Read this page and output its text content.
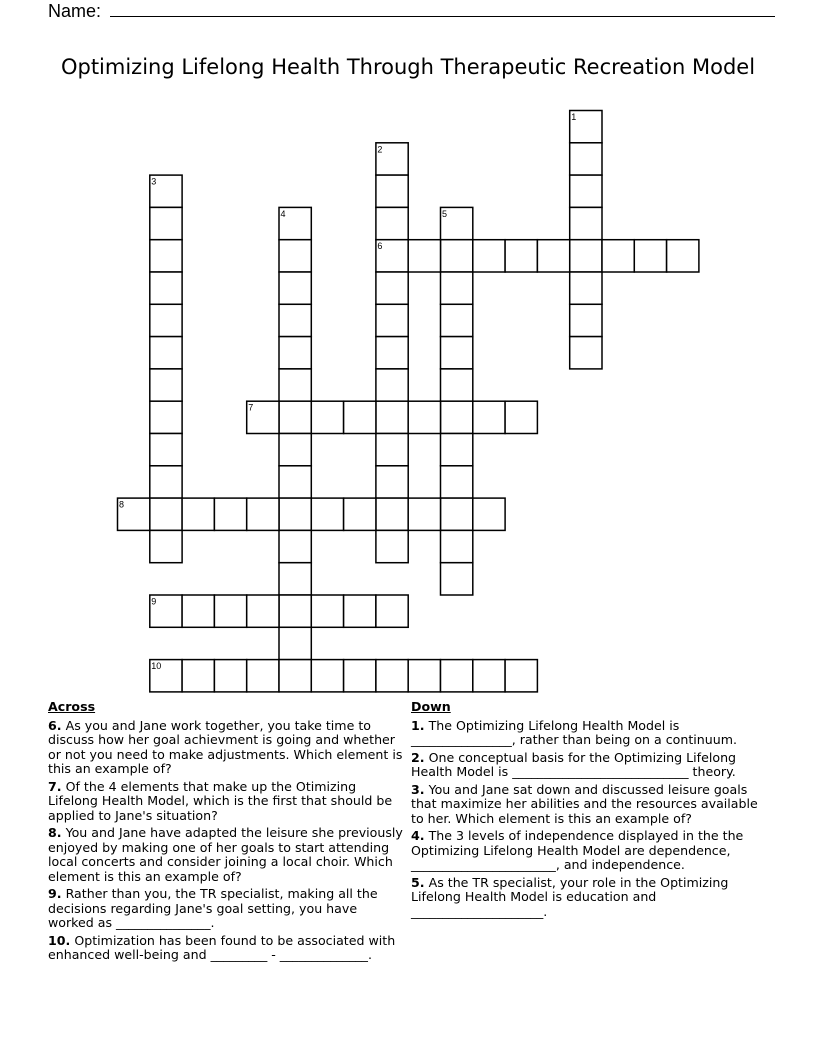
Name:
Optimizing Lifelong Health Through Therapeutic Recreation Model
1
2
3
4	5
6
7
8
9
10
Across
6. As you and Jane work together, you take time to discuss how her goal achievment is going and whether or not you need to make adjustments. Which element is this an example of?
7. Of the 4 elements that make up the Otimizing Lifelong Health Model, which is the first that should be applied to Jane's situation?
8. You and Jane have adapted the leisure she previously enjoyed by making one of her goals to start attending local concerts and consider joining a local choir. Which element is this an example of?
9. Rather than you, the TR specialist, making all the decisions regarding Jane's goal setting, you have worked as _______________.
10. Optimization has been found to be associated with enhanced well-being and _________ - ______________.
Down
1. The Optimizing Lifelong Health Model is ________________, rather than being on a continuum.
2. One conceptual basis for the Optimizing Lifelong Health Model is ____________________________ theory.
3. You and Jane sat down and discussed leisure goals that maximize her abilities and the resources available to her. Which element is this an example of?
4. The 3 levels of independence displayed in the the Optimizing Lifelong Health Model are dependence, _______________________, and independence.
5. As the TR specialist, your role in the Optimizing Lifelong Health Model is education and _____________________.
